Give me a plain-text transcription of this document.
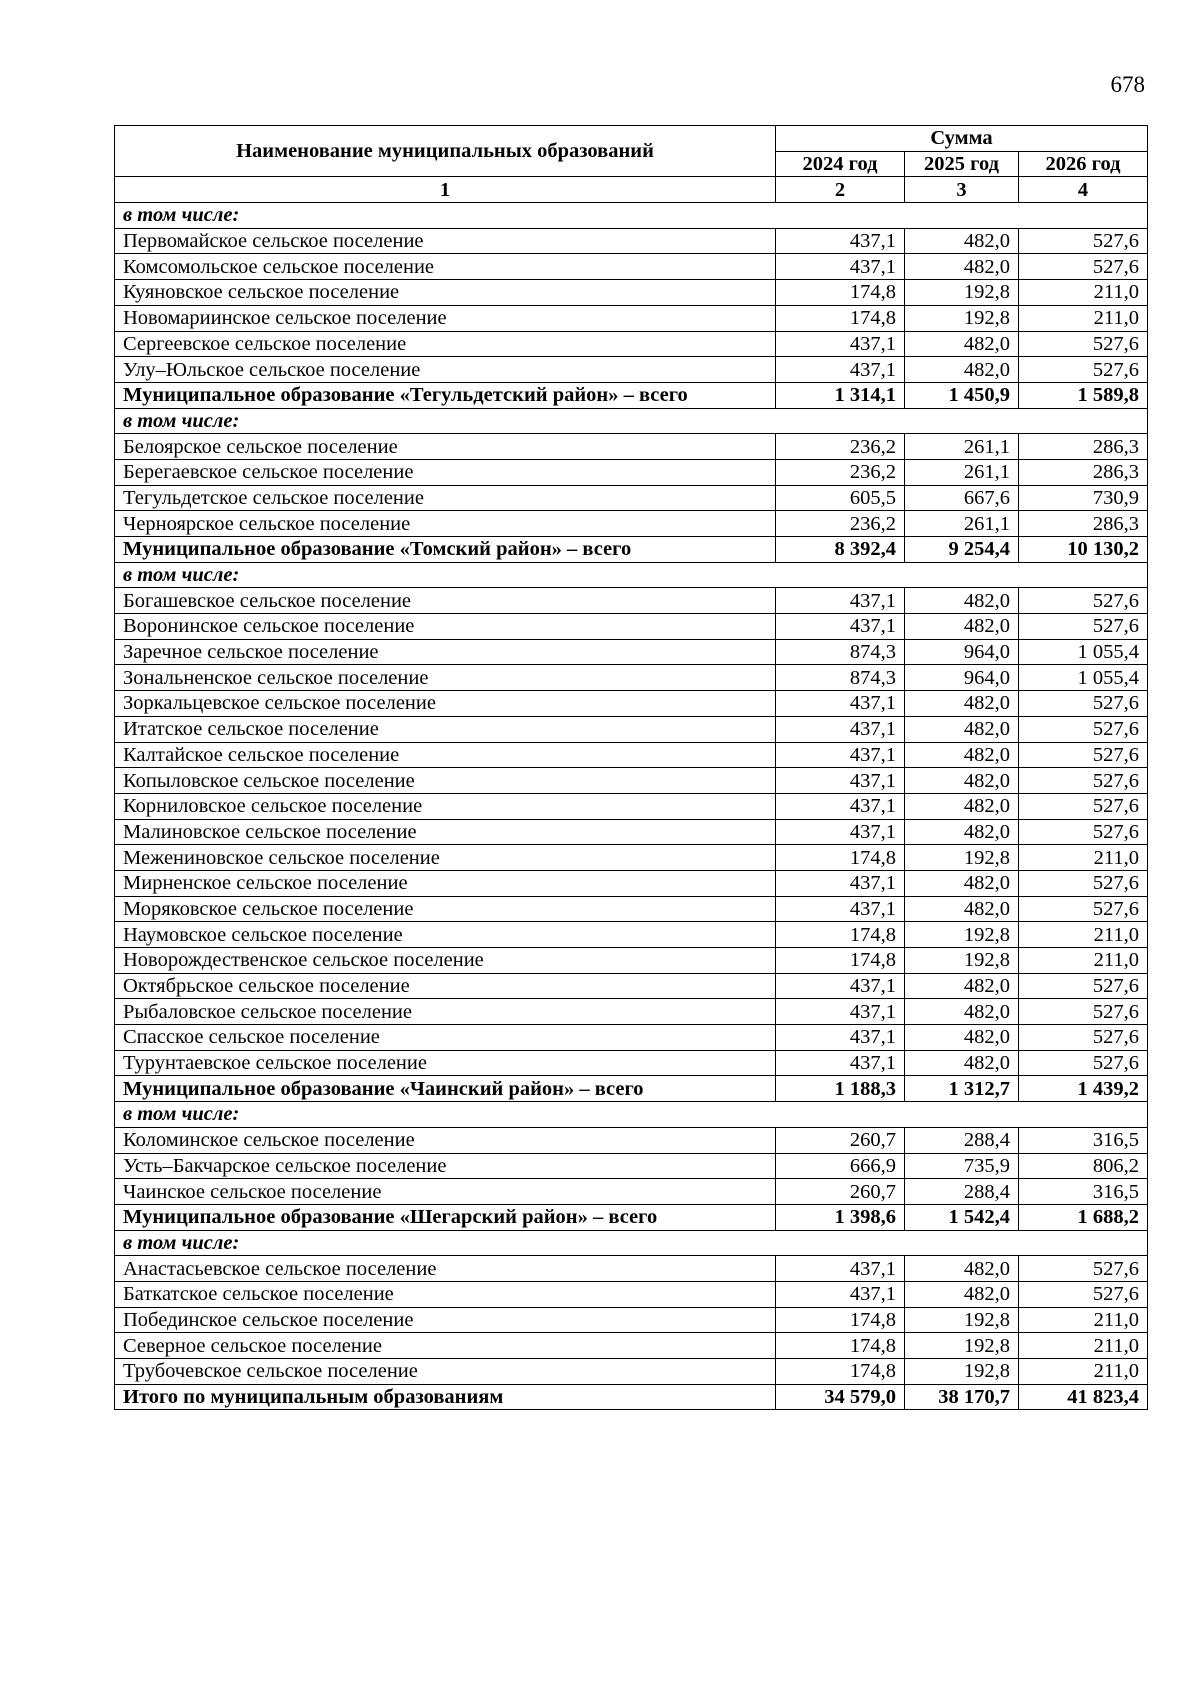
678
Наименование муниципальных образований	Сумма		
	2024 год	2025 год	2026 год
1	2	3	4
в том числе:			
Первомайское сельское поселение	437,1	482,0	527,6
Комсомольское сельское поселение	437,1	482,0	527,6
Куяновское сельское поселение	174,8	192,8	211,0
Новомариинское сельское поселение	174,8	192,8	211,0
Сергеевское сельское поселение	437,1	482,0	527,6
Улу–Юльское сельское поселение	437,1	482,0	527,6
Муниципальное образование «Тегульдетский район» – всего	1 314,1	1 450,9	1 589,8
в том числе:			
Белоярское сельское поселение	236,2	261,1	286,3
Берегаевское сельское поселение	236,2	261,1	286,3
Тегульдетское сельское поселение	605,5	667,6	730,9
Черноярское сельское поселение	236,2	261,1	286,3
Муниципальное образование «Томский район» – всего	8 392,4	9 254,4	10 130,2
в том числе:			
Богашевское сельское поселение	437,1	482,0	527,6
Воронинское сельское поселение	437,1	482,0	527,6
Заречное сельское поселение	874,3	964,0	1 055,4
Зональненское сельское поселение	874,3	964,0	1 055,4
Зоркальцевское сельское поселение	437,1	482,0	527,6
Итатское сельское поселение	437,1	482,0	527,6
Калтайское сельское поселение	437,1	482,0	527,6
Копыловское сельское поселение	437,1	482,0	527,6
Корниловское сельское поселение	437,1	482,0	527,6
Малиновское сельское поселение	437,1	482,0	527,6
Межениновское сельское поселение	174,8	192,8	211,0
Мирненское сельское поселение	437,1	482,0	527,6
Моряковское сельское поселение	437,1	482,0	527,6
Наумовское сельское поселение	174,8	192,8	211,0
Новорождественское сельское поселение	174,8	192,8	211,0
Октябрьское сельское поселение	437,1	482,0	527,6
Рыбаловское сельское поселение	437,1	482,0	527,6
Спасское сельское поселение	437,1	482,0	527,6
Турунтаевское сельское поселение	437,1	482,0	527,6
Муниципальное образование «Чаинский район» – всего	1 188,3	1 312,7	1 439,2
в том числе:			
Коломинское сельское поселение	260,7	288,4	316,5
Усть–Бакчарское сельское поселение	666,9	735,9	806,2
Чаинское сельское поселение	260,7	288,4	316,5
Муниципальное образование «Шегарский район» – всего	1 398,6	1 542,4	1 688,2
в том числе:			
Анастасьевское сельское поселение	437,1	482,0	527,6
Баткатское сельское поселение	437,1	482,0	527,6
Побединское сельское поселение	174,8	192,8	211,0
Северное сельское поселение	174,8	192,8	211,0
Трубочевское сельское поселение	174,8	192,8	211,0
Итого по муниципальным образованиям	34 579,0	38 170,7	41 823,4
